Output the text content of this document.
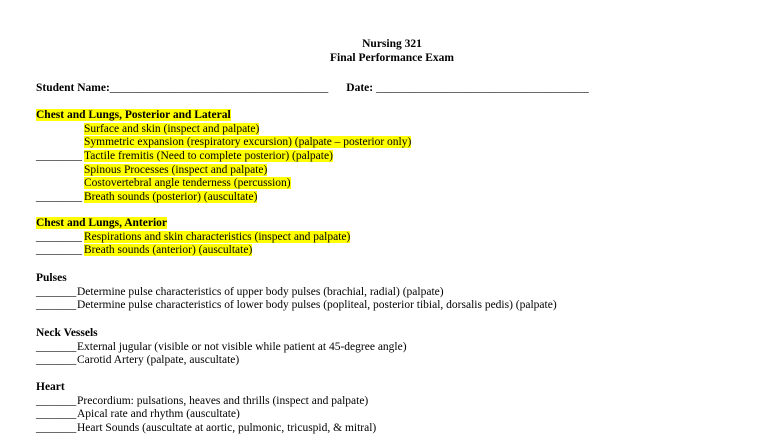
Nursing 321
Final Performance Exam
Student Name:______________________________________ Date: _____________________________________
Chest and Lungs, Posterior and Lateral
Surface and skin (inspect and palpate)
Symmetric expansion (respiratory excursion) (palpate – posterior only)
________ Tactile fremitis (Need to complete posterior) (palpate)
Spinous Processes (inspect and palpate)
Costovertebral angle tenderness (percussion)
________ Breath sounds (posterior) (auscultate)
Chest and Lungs, Anterior
________ Respirations and skin characteristics (inspect and palpate)
________ Breath sounds (anterior) (auscultate)
Pulses
_______Determine pulse characteristics of upper body pulses (brachial, radial) (palpate)
_______Determine pulse characteristics of lower body pulses (popliteal, posterior tibial, dorsalis pedis) (palpate)
Neck Vessels
_______External jugular (visible or not visible while patient at 45-degree angle)
_______Carotid Artery (palpate, auscultate)
Heart
_______Precordium: pulsations, heaves and thrills (inspect and palpate)
_______Apical rate and rhythm (auscultate)
_______Heart Sounds (auscultate at aortic, pulmonic, tricuspid, & mitral)
